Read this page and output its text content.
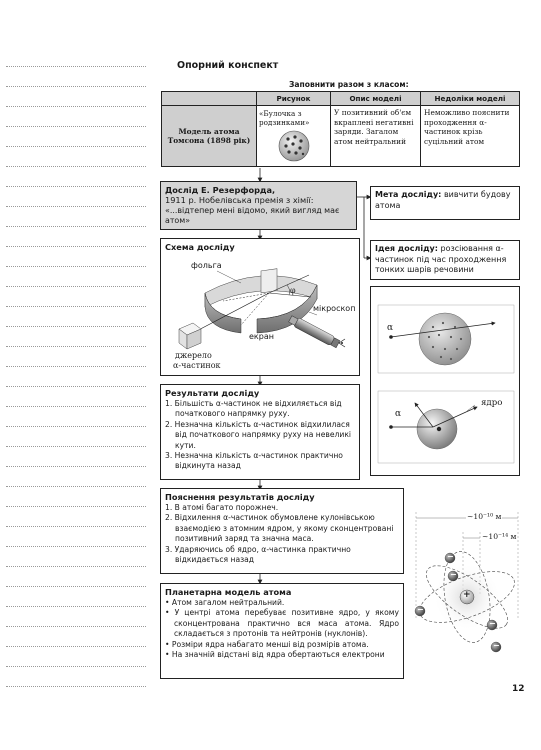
Опорний конспект
Заповнити разом з класом:
	Рисунок	Опис моделі	Недоліки моделі
Модель атома Томсона (1898 рік)	«Булочка з родзинками»	У позитивний об'єм вкраплені негативні заряди. Загалом атом нейтральний	Неможливо пояснити проходження α-частинок крізь суцільний атом
Дослід Е. Резерфорда,
1911 р. Нобелівська премія з хімії:
«...відтепер мені відомо, який вигляд має атом»
Мета досліду: вивчити будову атома
Ідея досліду: розсіювання α-частинок під час проходження тонких шарів речовини
Схема досліду
фольга
φ
мікроскоп
екран
джерело
α-частинок
α
α
ядро
Результати досліду
1. Більшість α-частинок не відхиляється від початкового напрямку руху.
2. Незначна кількість α-частинок відхилилася від початкового напрямку руху на невеликі кути.
3. Незначна кількість α-частинок практично відкинута назад
Пояснення результатів досліду
1. В атомі багато порожнеч.
2. Відхилення α-частинок обумовлене кулонівською взаємодією з атомним ядром, у якому сконцентровані позитивний заряд та значна маса.
3. Ударяючись об ядро, α-частинка практично відкидається назад
Планетарна модель атома
• Атом загалом нейтральний.
• У центрі атома перебуває позитивне ядро, у якому сконцентрована практично вся маса атома. Ядро складається з протонів та нейтронів (нуклонів).
• Розміри ядра набагато менші від розмірів атома.
• На значній відстані від ядра обертаються електрони
~10⁻¹⁰ м
~10⁻¹⁴ м
−
−
−
−
−
+
12
